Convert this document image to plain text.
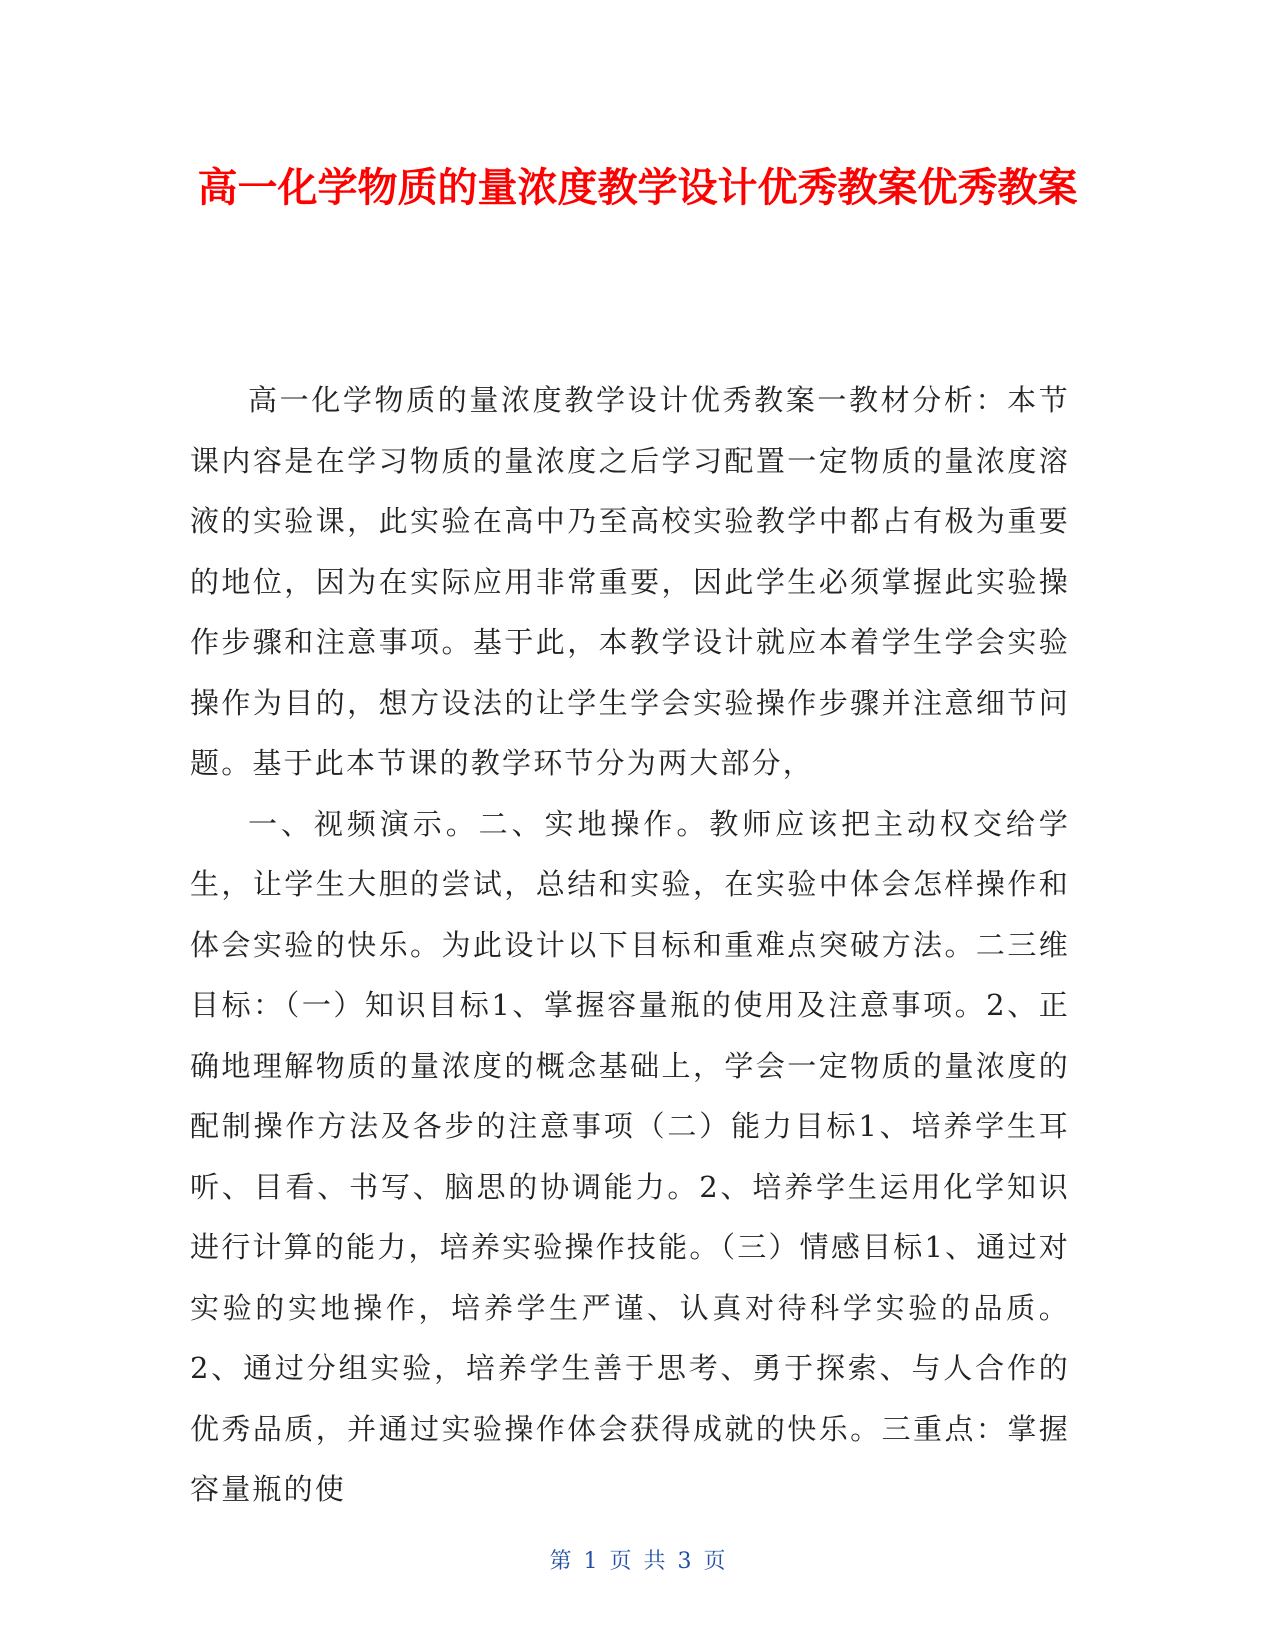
高一化学物质的量浓度教学设计优秀教案优秀教案

高一化学物质的量浓度教学设计优秀教案一教材分析：本节课内容是在学习物质的量浓度之后学习配置一定物质的量浓度溶液的实验课，此实验在高中乃至高校实验教学中都占有极为重要的地位，因为在实际应用非常重要，因此学生必须掌握此实验操作步骤和注意事项。基于此，本教学设计就应本着学生学会实验操作为目的，想方设法的让学生学会实验操作步骤并注意细节问题。基于此本节课的教学环节分为两大部分，

一、视频演示。二、实地操作。教师应该把主动权交给学生，让学生大胆的尝试，总结和实验，在实验中体会怎样操作和体会实验的快乐。为此设计以下目标和重难点突破方法。二三维目标：（一）知识目标1、掌握容量瓶的使用及注意事项。2、正确地理解物质的量浓度的概念基础上，学会一定物质的量浓度的配制操作方法及各步的注意事项（二）能力目标1、培养学生耳听、目看、书写、脑思的协调能力。2、培养学生运用化学知识进行计算的能力，培养实验操作技能。（三）情感目标1、通过对实验的实地操作，培养学生严谨、认真对待科学实验的品质。2、通过分组实验，培养学生善于思考、勇于探索、与人合作的优秀品质，并通过实验操作体会获得成就的快乐。三重点：掌握容量瓶的使

第 1 页 共 3 页
